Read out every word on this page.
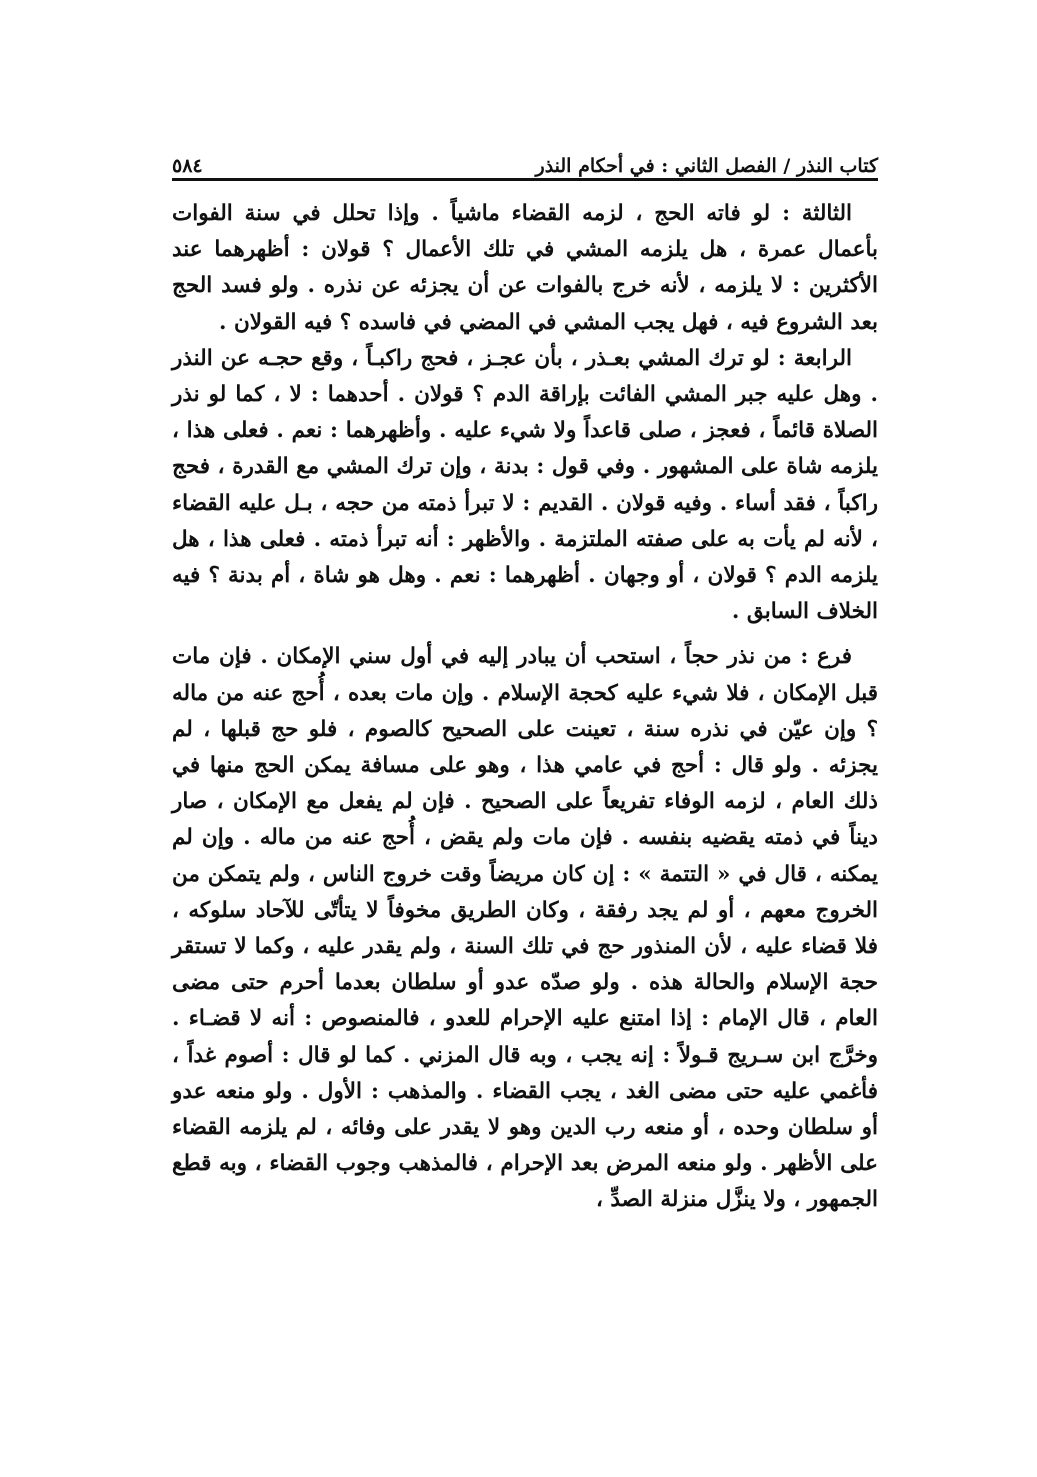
كتاب النذر / الفصل الثاني : في أحكام النذر
٥٨٤

الثالثة : لو فاته الحج ، لزمه القضاء ماشياً . وإذا تحلل في سنة الفوات بأعمال عمرة ، هل يلزمه المشي في تلك الأعمال ؟ قولان : أظهرهما عند الأكثرين : لا يلزمه ، لأنه خرج بالفوات عن أن يجزئه عن نذره . ولو فسد الحج بعد الشروع فيه ، فهل يجب المشي في المضي في فاسده ؟ فيه القولان .

الرابعة : لو ترك المشي بعـذر ، بأن عجـز ، فحج راكبـاً ، وقع حجـه عن النذر . وهل عليه جبر المشي الفائت بإراقة الدم ؟ قولان . أحدهما : لا ، كما لو نذر الصلاة قائماً ، فعجز ، صلى قاعداً ولا شيء عليه . وأظهرهما : نعم . فعلى هذا ، يلزمه شاة على المشهور . وفي قول : بدنة ، وإن ترك المشي مع القدرة ، فحج راكباً ، فقد أساء . وفيه قولان . القديم : لا تبرأ ذمته من حجه ، بـل عليه القضاء ، لأنه لم يأت به على صفته الملتزمة . والأظهر : أنه تبرأ ذمته . فعلى هذا ، هل يلزمه الدم ؟ قولان ، أو وجهان . أظهرهما : نعم . وهل هو شاة ، أم بدنة ؟ فيه الخلاف السابق .

فرع : من نذر حجاً ، استحب أن يبادر إليه في أول سني الإمكان . فإن مات قبل الإمكان ، فلا شيء عليه كحجة الإسلام . وإن مات بعده ، أُحج عنه من ماله ؟ وإن عيّن في نذره سنة ، تعينت على الصحيح كالصوم ، فلو حج قبلها ، لم يجزئه . ولو قال : أحج في عامي هذا ، وهو على مسافة يمكن الحج منها في ذلك العام ، لزمه الوفاء تفريعاً على الصحيح . فإن لم يفعل مع الإمكان ، صار ديناً في ذمته يقضيه بنفسه . فإن مات ولم يقض ، أُحج عنه من ماله . وإن لم يمكنه ، قال في « التتمة » : إن كان مريضاً وقت خروج الناس ، ولم يتمكن من الخروج معهم ، أو لم يجد رفقة ، وكان الطريق مخوفاً لا يتأتّى للآحاد سلوكه ، فلا قضاء عليه ، لأن المنذور حج في تلك السنة ، ولم يقدر عليه ، وكما لا تستقر حجة الإسلام والحالة هذه . ولو صدّه عدو أو سلطان بعدما أحرم حتى مضى العام ، قال الإمام : إذا امتنع عليه الإحرام للعدو ، فالمنصوص : أنه لا قضـاء . وخرَّج ابن سـريج قـولاً : إنه يجب ، وبه قال المزني . كما لو قال : أصوم غداً ، فأغمي عليه حتى مضى الغد ، يجب القضاء . والمذهب : الأول . ولو منعه عدو أو سلطان وحده ، أو منعه رب الدين وهو لا يقدر على وفائه ، لم يلزمه القضاء على الأظهر . ولو منعه المرض بعد الإحرام ، فالمذهب وجوب القضاء ، وبه قطع الجمهور ، ولا ينزَّل منزلة الصدِّ ،
